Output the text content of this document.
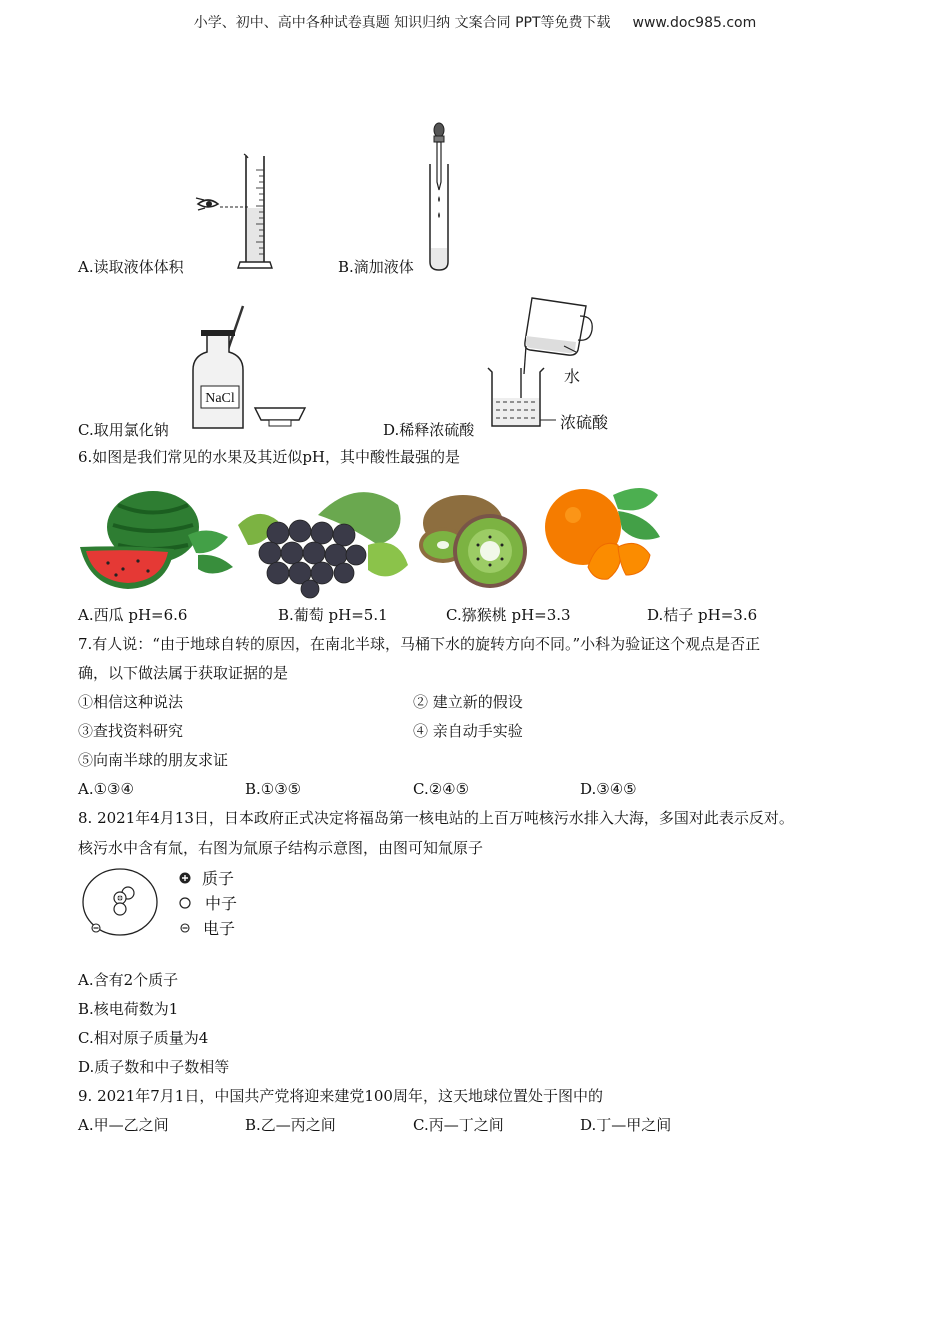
小学、初中、高中各种试卷真题 知识归纳 文案合同 PPT等免费下载 www.doc985.com
NaCl
水
浓硫酸
A.读取液体体积	B.滴加液体
C.取用氯化钠	D.稀释浓硫酸
6.如图是我们常见的水果及其近似pH，其中酸性最强的是
A.西瓜 pH=6.6	B.葡萄 pH=5.1	C.猕猴桃 pH=3.3	D.桔子 pH=3.6
7.有人说：“由于地球自转的原因，在南北半球，马桶下水的旋转方向不同。”小科为验证这个观点是否正
确，以下做法属于获取证据的是
①相信这种说法	② 建立新的假设
③查找资料研究	④ 亲自动手实验
⑤向南半球的朋友求证
A.①③④	B.①③⑤	C.②④⑤	D.③④⑤
8. 2021年4月13日，日本政府正式决定将福岛第一核电站的上百万吨核污水排入大海，多国对此表示反对。
核污水中含有氚，右图为氚原子结构示意图，由图可知氚原子
质子
中子
电子
A.含有2个质子
B.核电荷数为1
C.相对原子质量为4
D.质子数和中子数相等
9. 2021年7月1日，中国共产党将迎来建党100周年，这天地球位置处于图中的
A.甲—乙之间	B.乙—丙之间	C.丙—丁之间	D.丁—甲之间
